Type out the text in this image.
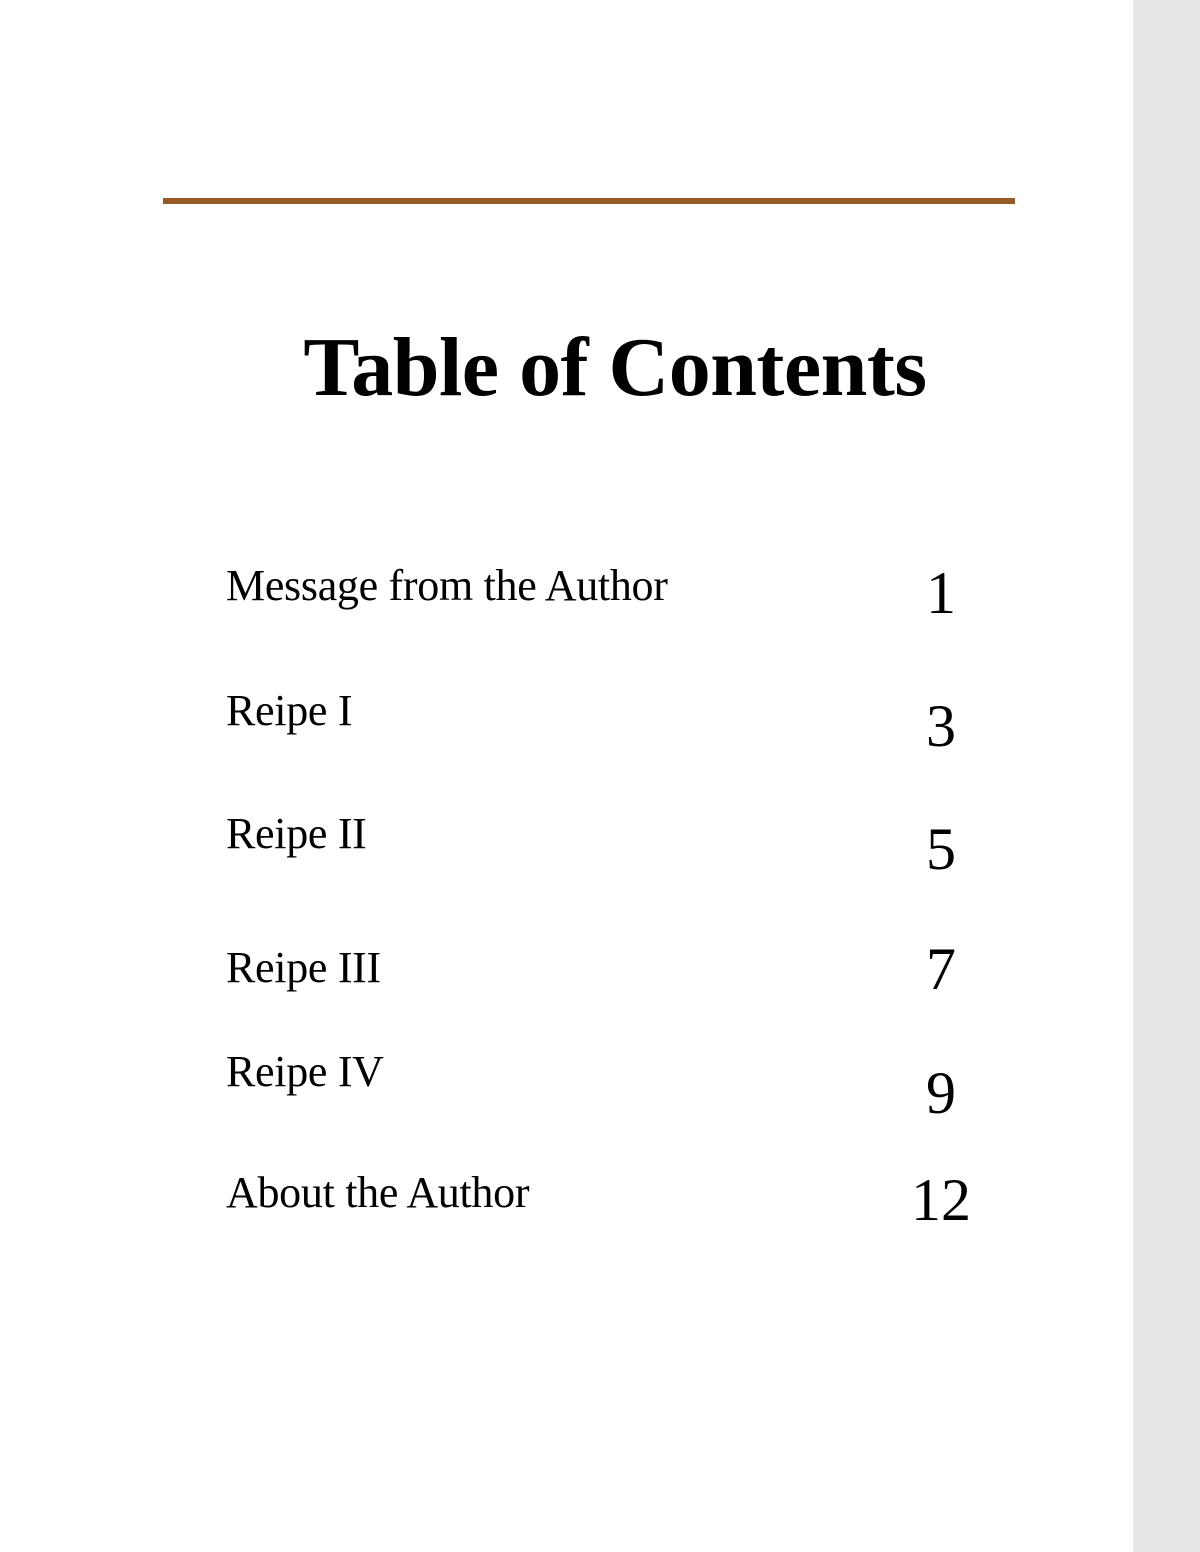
Table of Contents
Message from the Author	1
Reipe I	3
Reipe II	5
Reipe III	7
Reipe IV	9
About the Author	12
